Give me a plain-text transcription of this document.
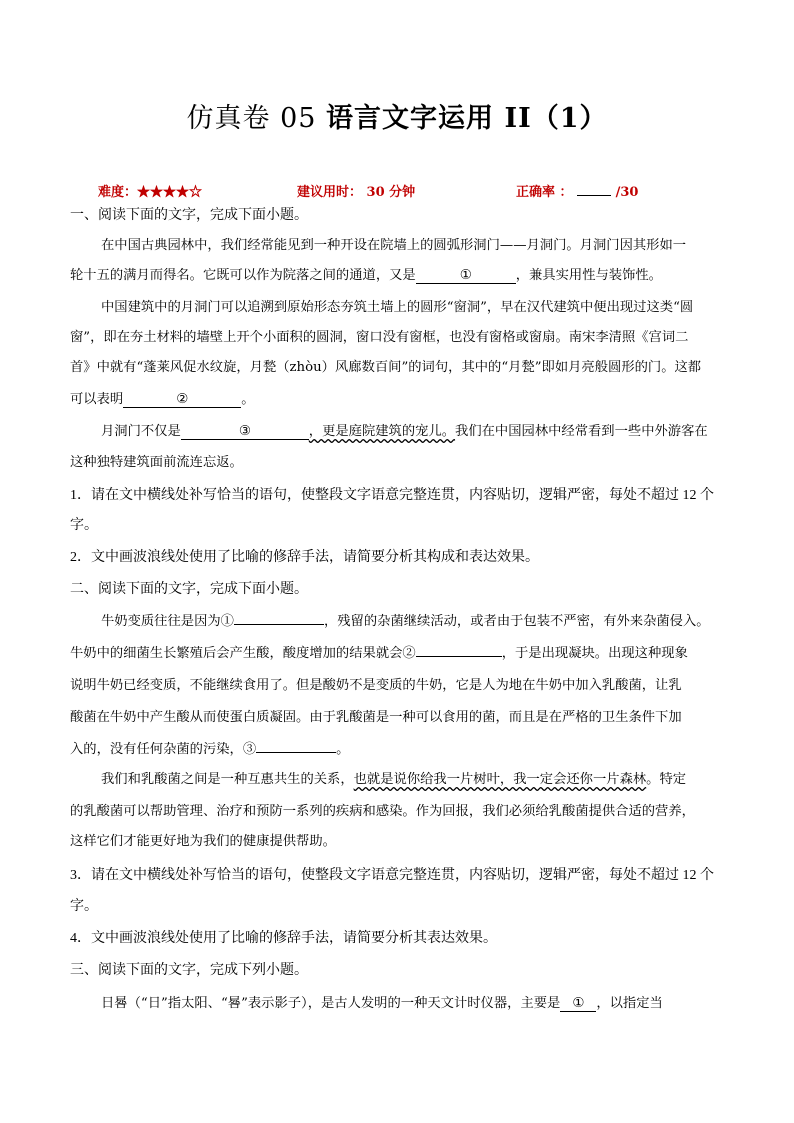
仿真卷 05 语言文字运用 II（1）
难度：★★★★☆	建议用时： 30 分钟	正确率 ：	/30
一、阅读下面的文字，完成下面小题。
在中国古典园林中，我们经常能见到一种开设在院墙上的圆弧形洞门——月洞门。月洞门因其形如一
轮十五的满月而得名。它既可以作为院落之间的通道，又是	①	，兼具实用性与装饰性。
中国建筑中的月洞门可以追溯到原始形态夯筑土墙上的圆形“窗洞”，早在汉代建筑中便出现过这类“圆
窗”，即在夯土材料的墙壁上开个小面积的圆洞，窗口没有窗框，也没有窗格或窗扇。南宋李清照《宫词二
首》中就有“蓬莱风促水纹旋，月甃（zhòu）风廊数百间”的词句，其中的“月甃”即如月亮般圆形的门。这都
可以表明	②	。
月洞门不仅是	③	，更是庭院建筑的宠儿。我们在中国园林中经常看到一些中外游客在
这种独特建筑面前流连忘返。
1．请在文中横线处补写恰当的语句，使整段文字语意完整连贯，内容贴切，逻辑严密，每处不超过 12 个
字。
2．文中画波浪线处使用了比喻的修辞手法，请简要分析其构成和表达效果。
二、阅读下面的文字，完成下面小题。
牛奶变质往往是因为①	，残留的杂菌继续活动，或者由于包装不严密，有外来杂菌侵入。
牛奶中的细菌生长繁殖后会产生酸，酸度增加的结果就会②	，于是出现凝块。出现这种现象
说明牛奶已经变质，不能继续食用了。但是酸奶不是变质的牛奶，它是人为地在牛奶中加入乳酸菌，让乳
酸菌在牛奶中产生酸从而使蛋白质凝固。由于乳酸菌是一种可以食用的菌，而且是在严格的卫生条件下加
入的，没有任何杂菌的污染，③	。
我们和乳酸菌之间是一种互惠共生的关系，也就是说你给我一片树叶，我一定会还你一片森林。特定
的乳酸菌可以帮助管理、治疗和预防一系列的疾病和感染。作为回报，我们必须给乳酸菌提供合适的营养，
这样它们才能更好地为我们的健康提供帮助。
3．请在文中横线处补写恰当的语句，使整段文字语意完整连贯，内容贴切，逻辑严密，每处不超过 12 个
字。
4．文中画波浪线处使用了比喻的修辞手法，请简要分析其表达效果。
三、阅读下面的文字，完成下列小题。
日晷（“日”指太阳、“晷”表示影子），是古人发明的一种天文计时仪器，主要是 ① ，以指定当
